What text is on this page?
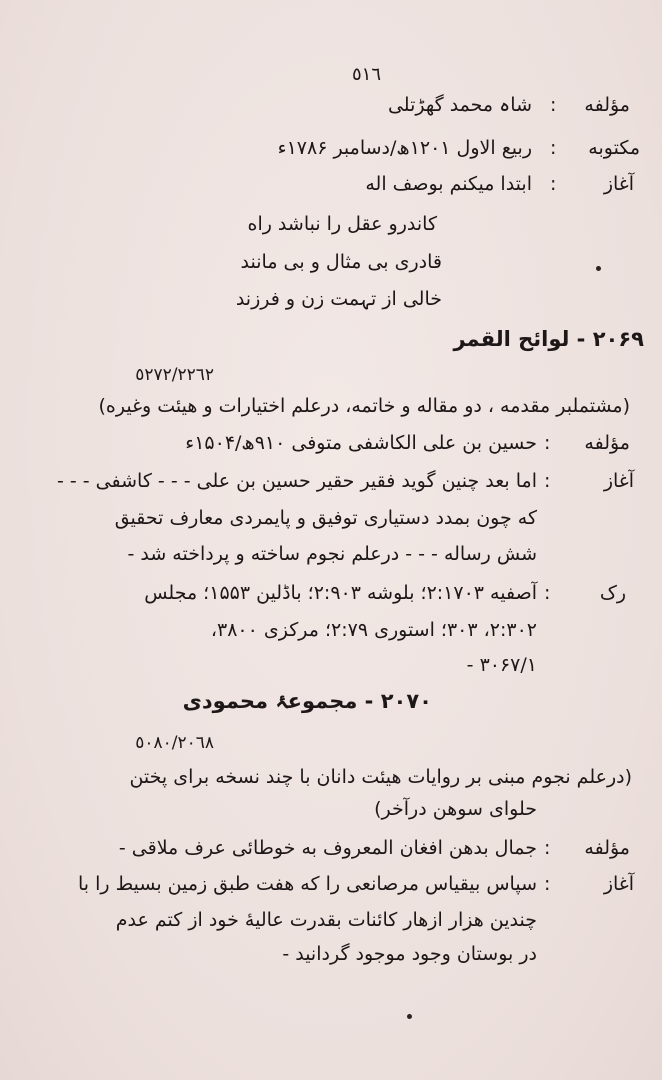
٥١٦
مؤلفه
:
شاہ محمد گھڑتلی
مکتوبه
:
ربیع الاول ۱۲۰۱ھ/دسامبر ۱۷۸۶ء
آغاز
:
ابتدا میکنم بوصف اله
کاندرو عقل را نباشد راه
قادری بی مثال و بی مانند
خالی از تہمت زن و فرزند
۲۰۶۹ - لوائح القمر
٥٢٧٢/٢٢٦٢
(مشتملبر مقدمه ، دو مقاله و خاتمه، درعلم اختیارات و هیئت وغیره)
مؤلفه
:
حسین بن علی الکاشفی متوفی ۹۱۰ھ/۱۵۰۴ء
آغاز
:
اما بعد چنین گوید فقیر حقیر حسین بن علی - - - کاشفی - - -
که چون بمدد دستیاری توفیق و پایمردی معارف تحقیق
شش رساله - - - درعلم نجوم ساخته و پرداخته شد -
رک
:
آصفیه ۲:۱۷۰۳؛ بلوشه ۲:۹۰۳؛ باڈلین ۱۵۵۳؛ مجلس
۲:۳۰۲، ۳۰۳؛ استوری ۲:۷۹؛ مرکزی ۳۸۰۰،
۳۰۶۷/۱ -
۲۰۷۰ - مجموعۂ محمودی
٥٠٨٠/٢٠٦٨
(درعلم نجوم مبنی بر روایات هیئت دانان با چند نسخه برای پختن
حلوای سوهن درآخر)
مؤلفه
:
جمال بدهن افغان المعروف به خوطائی عرف ملاقی -
آغاز
:
سپاس بیقیاس مرصانعی را که هفت طبق زمین بسیط را با
چندین هزار ازهار کائنات بقدرت عالیهٔ خود از کتم عدم
در بوستان وجود موجود گردانید -
